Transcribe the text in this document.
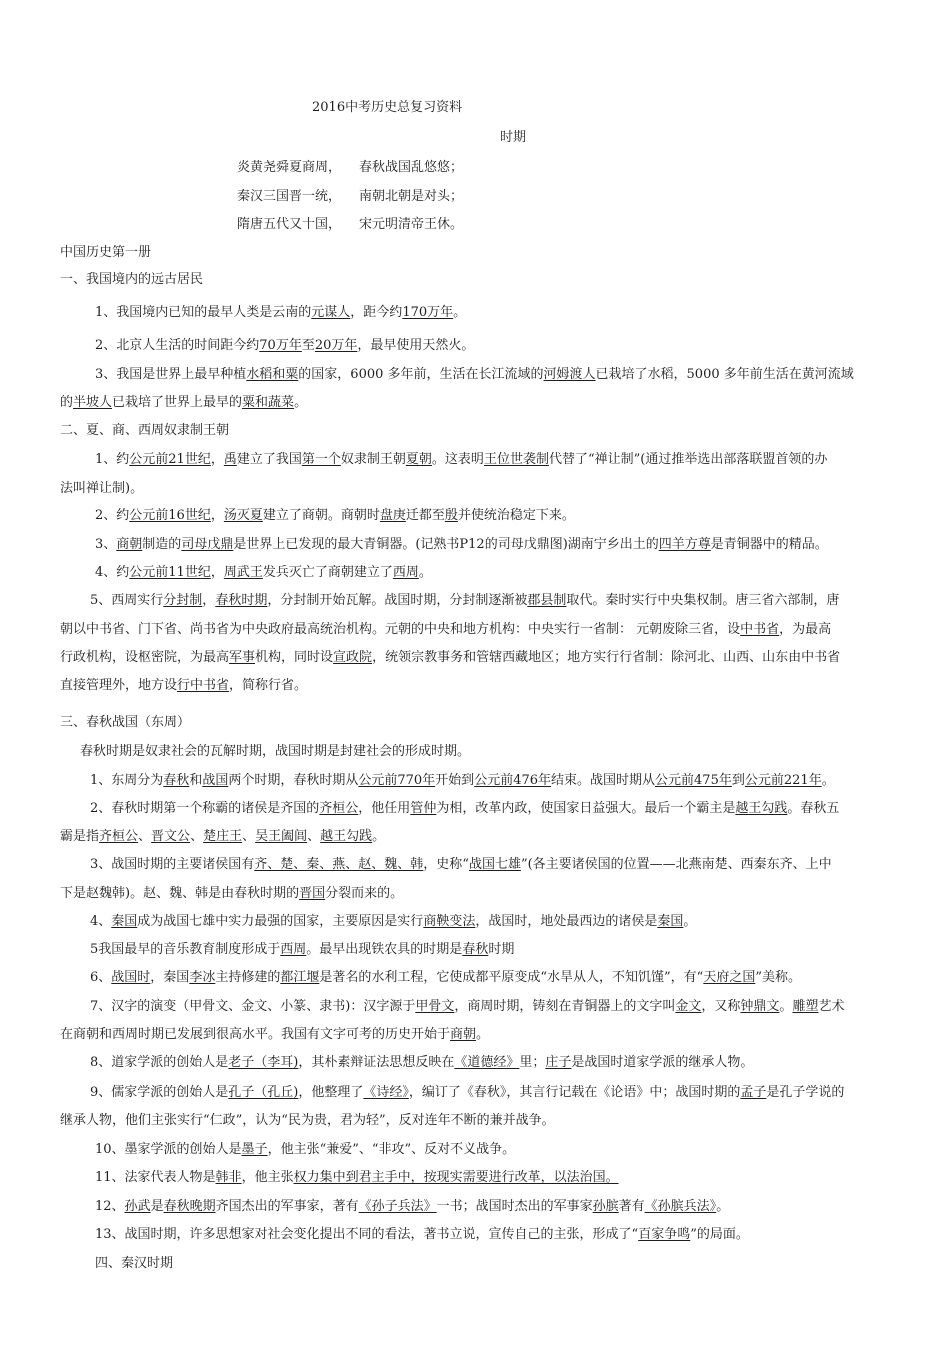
2016中考历史总复习资料
时期
炎黄尧舜夏商周， 春秋战国乱悠悠；
秦汉三国晋一统， 南朝北朝是对头；
隋唐五代又十国， 宋元明清帝王休。
中国历史第一册
一、我国境内的远古居民
1、我国境内已知的最早人类是云南的元谋人，距今约170万年。
2、北京人生活的时间距今约70万年至20万年，最早使用天然火。
3、我国是世界上最早种植水稻和粟的国家，6000 多年前，生活在长江流域的河姆渡人已栽培了水稻，5000 多年前生活在黄河流域
的半坡人已栽培了世界上最早的粟和蔬菜。
二、夏、商、西周奴隶制王朝
1、约公元前21世纪，禹建立了我国第一个奴隶制王朝夏朝。这表明王位世袭制代替了“禅让制”(通过推举选出部落联盟首领的办
法叫禅让制)。
2、约公元前16世纪，汤灭夏建立了商朝。商朝时盘庚迁都至殷并使统治稳定下来。
3、商朝制造的司母戊鼎是世界上已发现的最大青铜器。(记熟书P12的司母戊鼎图)湖南宁乡出土的四羊方尊是青铜器中的精品。
4、约公元前11世纪，周武王发兵灭亡了商朝建立了西周。
5、西周实行分封制，春秋时期，分封制开始瓦解。战国时期，分封制逐渐被郡县制取代。秦时实行中央集权制。唐三省六部制，唐
朝以中书省、门下省、尚书省为中央政府最高统治机构。元朝的中央和地方机构：中央实行一省制： 元朝废除三省，设中书省，为最高
行政机构，设枢密院，为最高军事机构，同时设宣政院，统领宗教事务和管辖西藏地区；地方实行行省制：除河北、山西、山东由中书省
直接管理外，地方设行中书省，简称行省。
三、春秋战国（东周）
春秋时期是奴隶社会的瓦解时期，战国时期是封建社会的形成时期。
1、东周分为春秋和战国两个时期，春秋时期从公元前770年开始到公元前476年结束。战国时期从公元前475年到公元前221年。
2、春秋时期第一个称霸的诸侯是齐国的齐桓公，他任用管仲为相，改革内政，使国家日益强大。最后一个霸主是越王勾践。春秋五
霸是指齐桓公、晋文公、楚庄王、吴王阖闾、越王勾践。
3、战国时期的主要诸侯国有齐、楚、秦、燕、赵、魏、韩，史称“战国七雄”(各主要诸侯国的位置——北燕南楚、西秦东齐、上中
下是赵魏韩)。赵、魏、韩是由春秋时期的晋国分裂而来的。
4、秦国成为战国七雄中实力最强的国家，主要原因是实行商鞅变法，战国时，地处最西边的诸侯是秦国。
5我国最早的音乐教育制度形成于西周。最早出现铁农具的时期是春秋时期
6、战国时，秦国李冰主持修建的都江堰是著名的水利工程，它使成都平原变成“水旱从人，不知饥馑”，有“天府之国”美称。
7、汉字的演变（甲骨文、金文、小篆、隶书)：汉字源于甲骨文，商周时期，铸刻在青铜器上的文字叫金文，又称钟鼎文。雕塑艺术
在商朝和西周时期已发展到很高水平。我国有文字可考的历史开始于商朝。
8、道家学派的创始人是老子（李耳)，其朴素辩证法思想反映在《道德经》里；庄子是战国时道家学派的继承人物。
9、儒家学派的创始人是孔子（孔丘)，他整理了《诗经》，编订了《春秋》，其言行记载在《论语》中；战国时期的孟子是孔子学说的
继承人物，他们主张实行“仁政”，认为“民为贵，君为轻”，反对连年不断的兼并战争。
10、墨家学派的创始人是墨子，他主张“兼爱”、“非攻”、反对不义战争。
11、法家代表人物是韩非，他主张权力集中到君主手中，按现实需要进行改革，以法治国。
12、孙武是春秋晚期齐国杰出的军事家，著有《孙子兵法》一书；战国时杰出的军事家孙膑著有《孙膑兵法》。
13、战国时期，许多思想家对社会变化提出不同的看法，著书立说，宣传自己的主张，形成了“百家争鸣”的局面。
四、秦汉时期
